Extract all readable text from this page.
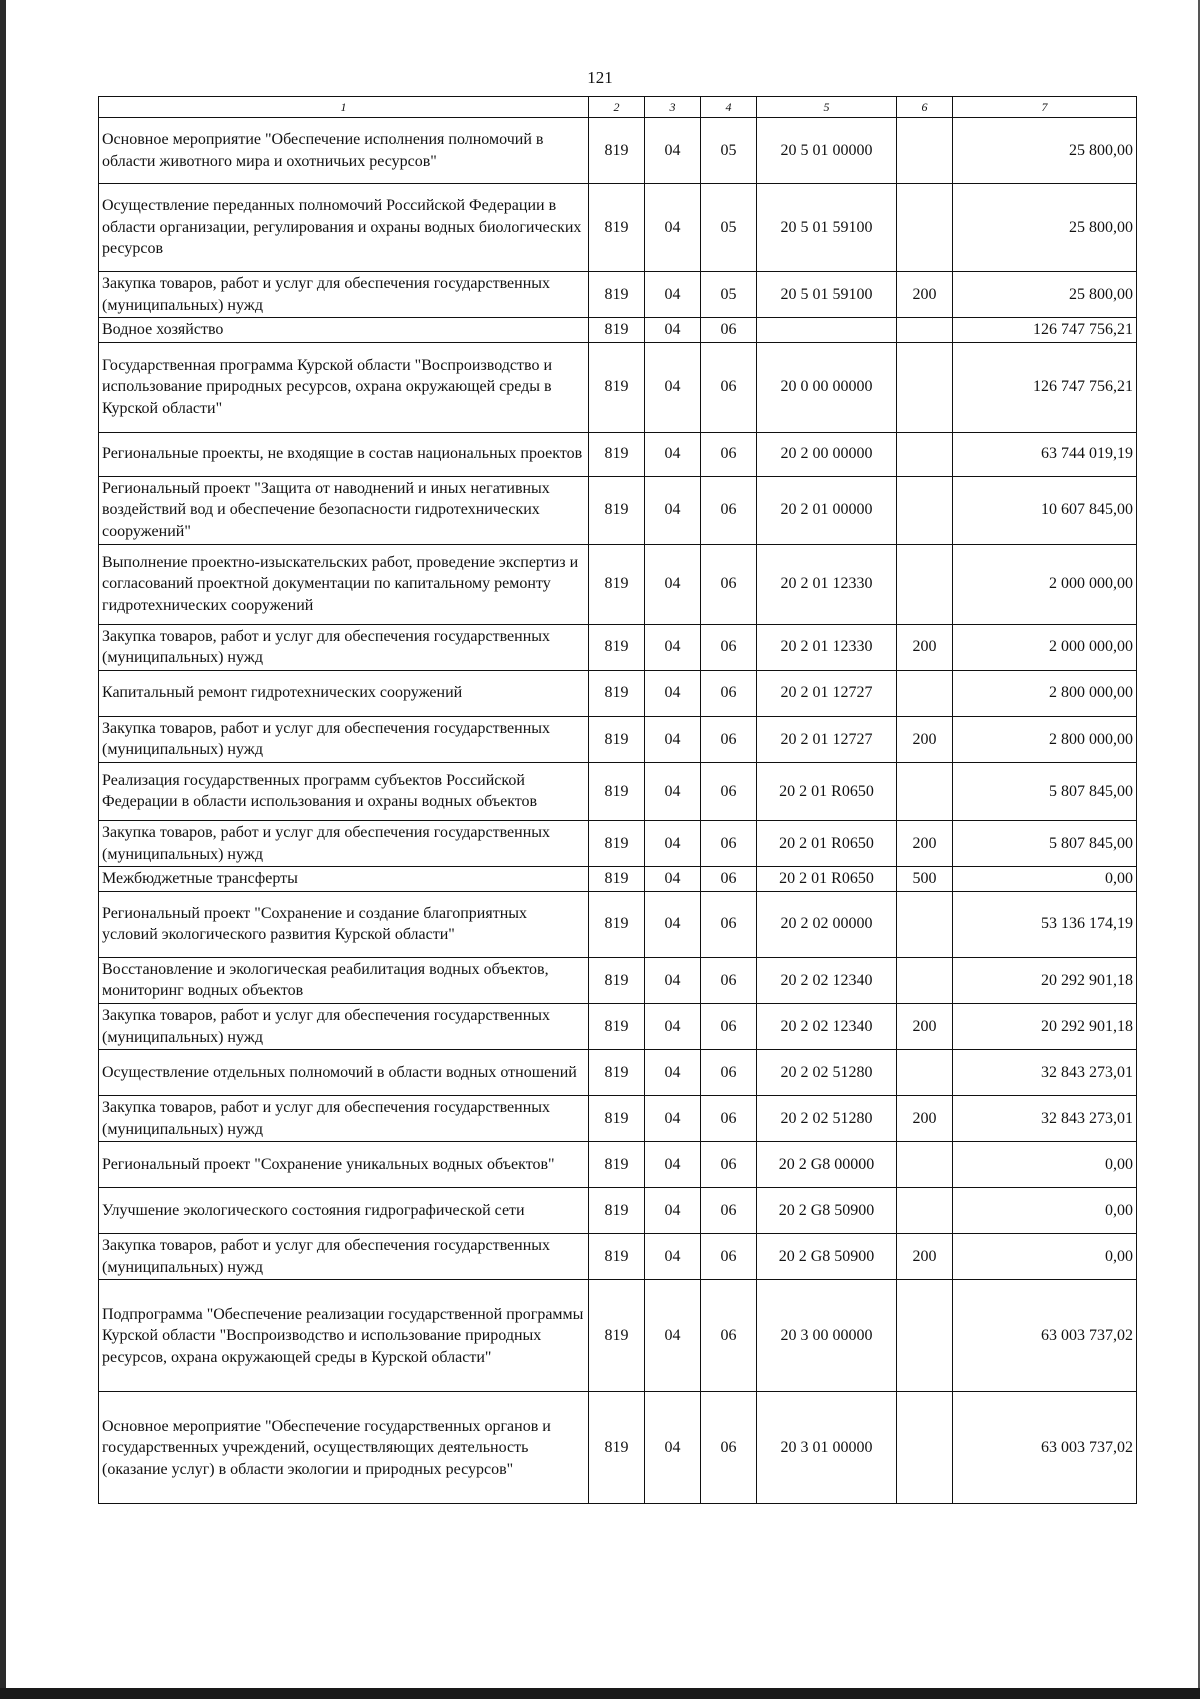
121
1	2	3	4	5	6	7
Основное мероприятие "Обеспечение исполнения полномочий в области животного мира и охотничьих ресурсов"	819	04	05	20 5 01 00000		25 800,00
Осуществление переданных полномочий Российской Федерации в области организации, регулирования и охраны водных биологических ресурсов	819	04	05	20 5 01 59100		25 800,00
Закупка товаров, работ и услуг для обеспечения государственных (муниципальных) нужд	819	04	05	20 5 01 59100	200	25 800,00
Водное хозяйство	819	04	06			126 747 756,21
Государственная программа Курской области "Воспроизводство и использование природных ресурсов, охрана окружающей среды в Курской области"	819	04	06	20 0 00 00000		126 747 756,21
Региональные проекты, не входящие в состав национальных проектов	819	04	06	20 2 00 00000		63 744 019,19
Региональный проект "Защита от наводнений и иных негативных воздействий вод и обеспечение безопасности гидротехнических сооружений"	819	04	06	20 2 01 00000		10 607 845,00
Выполнение проектно-изыскательских работ, проведение экспертиз и согласований проектной документации по капитальному ремонту гидротехнических сооружений	819	04	06	20 2 01 12330		2 000 000,00
Закупка товаров, работ и услуг для обеспечения государственных (муниципальных) нужд	819	04	06	20 2 01 12330	200	2 000 000,00
Капитальный ремонт гидротехнических сооружений	819	04	06	20 2 01 12727		2 800 000,00
Закупка товаров, работ и услуг для обеспечения государственных (муниципальных) нужд	819	04	06	20 2 01 12727	200	2 800 000,00
Реализация государственных программ субъектов Российской Федерации в области использования и охраны водных объектов	819	04	06	20 2 01 R0650		5 807 845,00
Закупка товаров, работ и услуг для обеспечения государственных (муниципальных) нужд	819	04	06	20 2 01 R0650	200	5 807 845,00
Межбюджетные трансферты	819	04	06	20 2 01 R0650	500	0,00
Региональный проект "Сохранение и создание благоприятных условий экологического развития Курской области"	819	04	06	20 2 02 00000		53 136 174,19
Восстановление и экологическая реабилитация водных объектов, мониторинг водных объектов	819	04	06	20 2 02 12340		20 292 901,18
Закупка товаров, работ и услуг для обеспечения государственных (муниципальных) нужд	819	04	06	20 2 02 12340	200	20 292 901,18
Осуществление отдельных полномочий в области водных отношений	819	04	06	20 2 02 51280		32 843 273,01
Закупка товаров, работ и услуг для обеспечения государственных (муниципальных) нужд	819	04	06	20 2 02 51280	200	32 843 273,01
Региональный проект "Сохранение уникальных водных объектов"	819	04	06	20 2 G8 00000		0,00
Улучшение экологического состояния гидрографической сети	819	04	06	20 2 G8 50900		0,00
Закупка товаров, работ и услуг для обеспечения государственных (муниципальных) нужд	819	04	06	20 2 G8 50900	200	0,00
Подпрограмма "Обеспечение реализации государственной программы Курской области "Воспроизводство и использование природных ресурсов, охрана окружающей среды в Курской области"	819	04	06	20 3 00 00000		63 003 737,02
Основное мероприятие "Обеспечение государственных органов и государственных учреждений, осуществляющих деятельность (оказание услуг) в области экологии и природных ресурсов"	819	04	06	20 3 01 00000		63 003 737,02
